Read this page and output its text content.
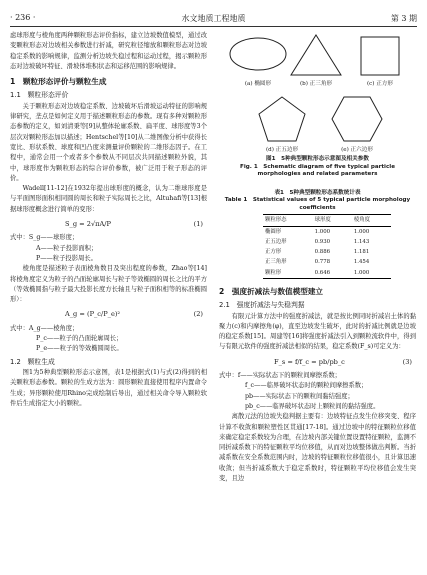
· 236 ·	水文地质工程地质	第 3 期

虑球形度与棱角度两种颗粒形态评价指标，建立边坡数值模型，通过改变颗粒形态对边坡相关参数进行折减，研究粒径缩放和颗粒形态对边坡稳定系数的影响规律，监测分析边坡失稳过程和运动过程，揭示颗粒形态对边坡破坏特征、滑坡体堆积状态和运移范围的影响规律。

1　颗粒形态评价与颗粒生成
1.1　颗粒形态评价

关于颗粒形态对边坡稳定系数、边坡破坏后滑坡运动特征的影响规律研究，垄点是如何定义用于描述颗粒形态的参数。现有多种对颗粒形态参数的定义，如刘清秉等[9]从整体轮廓系数、扁平度、球形度等3个层次对颗粒形态加以描述；Hentschel等[10]从二维图像分析中获得长宽比、形状系数、球度和凹凸度来测量评价颗粒的二维形态因子。在工程中，通常会用一个或者多个参数从不同层次共同描述颗粒外貌，其中，球形度作为颗粒形态的综合评价参数，被广泛用于粒子形态的评价。

Wadell[11-12]在1932年提出球形度的概念，认为二维球形度是与平面图形面积相同圆的周长和粒子实际周长之比，Altuhafi等[13]根据球形度概念进行简单的变形：

S_g = 2√πA/P	(1)

式中：S_g——球形度；

A——粒子投影面积；

P——粒子投影周长。

棱角度是描述粒子表面棱角数目及突出程度的参数，Zhao等[14]将棱角度定义为粒子的凸面轮廓周长与粒子等效椭圆的周长之比的平方（等效椭圆指与粒子最大投影长度方长轴且与粒子面积相等的标准椭圆形）：

A_g = (P_c/P_e)²	(2)

式中：A_g——棱角度；

P_c——粒子的凸面轮廓周长；

P_e——粒子的等效椭圆周长。

1.2　颗粒生成

图1为5种典型颗粒形态示意图，表1是根据式(1)与式(2)得到的相关颗粒形态参数。颗粒的生成方法为：圆形颗粒直接使用程序内置命令生成；异形颗粒使用Rhino完成绘制后导出，通过相关命令导入颗粒软件后生成指定大小的颗粒。

(a) 椭圆形	(b) 正三角形	(c) 正方形
(d) 正五边形	(e) 正六边形
图1　5种典型颗粒形态示意图及相关参数
Fig. 1　Schematic diagram of five typical particle morphologies and related parameters
表1　5种典型颗粒形态系数统计表
Table 1　Statistical values of 5 typical particle morphology coefficients
颗粒形态	球形度	棱角度
椭圆形	1.000	1.000
正五边形	0.930	1.143
正方形	0.886	1.181
正三角形	0.778	1.454
颗粒形	0.646	1.000
2　强度折减法与数值模型建立
2.1　强度折减法与失稳判据

有限元计算方法中的强度折减法，就是按比例同时折减岩土体的黏聚力(c)和内摩擦角(φ)，直至边坡发生破坏，此时的折减比例就是边坡的稳定系数[15]。周建等[16]将强度折减法引入到颗粒流软件中，得到与有限元软件的强度折减法相似的结果，稳定系数(F_s)可定义为：

F_s = f/f_c = pb/pb_c	(3)

式中：f——实际状态下的颗粒间摩擦系数；

f_c——临界破坏状态时的颗粒间摩擦系数；

pb——实际状态下的颗粒间黏结强度；

pb_c——临界破坏状态时上颗粒间的黏结强度。

离散元法的边坡失稳判据主要有：边坡特征点发生位移突变、程序计算不收敛和颗粒塑性区贯通[17-18]。通过边坡中的特征颗粒位移值来确定稳定系数较为合理，在边坡内部关键位置设置特征颗粒，监测不同折减系数下的特征颗粒平均位移值，从而对边坡整体做出判断。当折减系数在安全系数范围内时，边坡的特征颗粒位移值很小，且计算迅速收敛；但当折减系数大于稳定系数时，特征颗粒平均位移值会发生突变，且边
